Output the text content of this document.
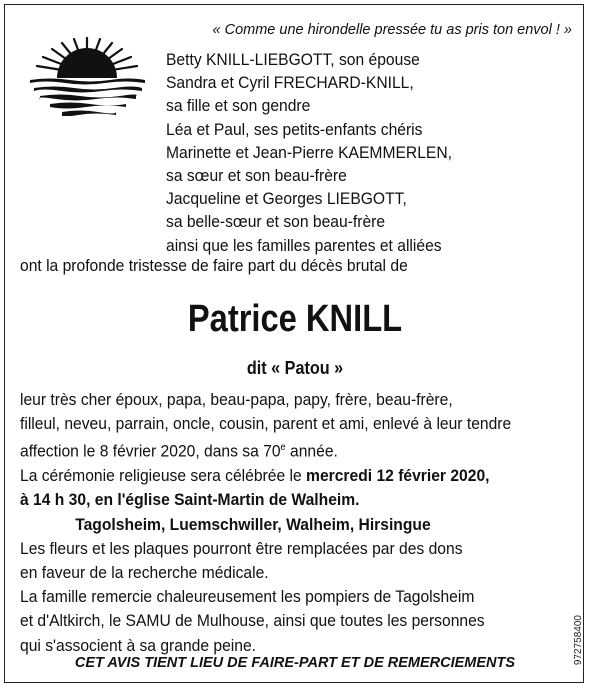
« Comme une hirondelle pressée tu as pris ton envol ! »
Betty KNILL-LIEBGOTT, son épouse
Sandra et Cyril FRECHARD-KNILL,
sa fille et son gendre
Léa et Paul, ses petits-enfants chéris
Marinette et Jean-Pierre KAEMMERLEN,
sa sœur et son beau-frère
Jacqueline et Georges LIEBGOTT,
sa belle-sœur et son beau-frère
ainsi que les familles parentes et alliées
ont la profonde tristesse de faire part du décès brutal de
Patrice KNILL
dit « Patou »
leur très cher époux, papa, beau-papa, papy, frère, beau-frère,
filleul, neveu, parrain, oncle, cousin, parent et ami, enlevé à leur tendre
affection le 8 février 2020, dans sa 70e année.
La cérémonie religieuse sera célébrée le mercredi 12 février 2020,
à 14 h 30, en l'église Saint-Martin de Walheim.
Tagolsheim, Luemschwiller, Walheim, Hirsingue
Les fleurs et les plaques pourront être remplacées par des dons
en faveur de la recherche médicale.
La famille remercie chaleureusement les pompiers de Tagolsheim
et d'Altkirch, le SAMU de Mulhouse, ainsi que toutes les personnes
qui s'associent à sa grande peine.
CET AVIS TIENT LIEU DE FAIRE-PART ET DE REMERCIEMENTS	972758400
